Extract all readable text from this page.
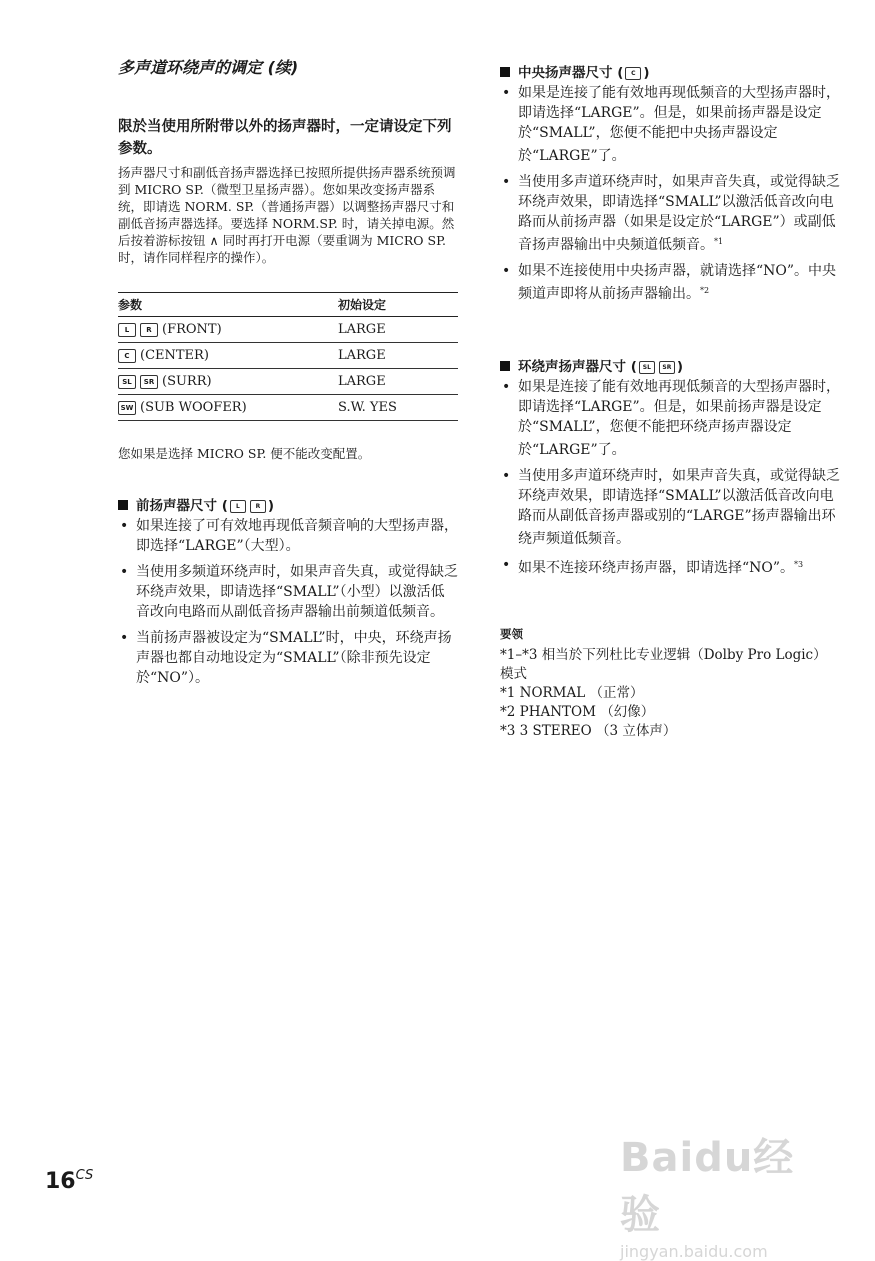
多声道环绕声的调定 (续)

限於当使用所附带以外的扬声器时，一定请设定下列参数。

扬声器尺寸和副低音扬声器选择已按照所提供扬声器系统预调到 MICRO SP.（微型卫星扬声器）。您如果改变扬声器系统，即请选 NORM. SP.（普通扬声器）以调整扬声器尺寸和副低音扬声器选择。要选择 NORM.SP. 时，请关掉电源。然后按着游标按钮 ∧ 同时再打开电源（要重调为 MICRO SP. 时，请作同样程序的操作）。

参数	初始设定
L R (FRONT)	LARGE
C (CENTER)	LARGE
SL SR (SURR)	LARGE
SW (SUB WOOFER)	S.W. YES

您如果是选择 MICRO SP. 便不能改变配置。

前扬声器尺寸 ( L	R )
• 如果连接了可有效地再现低音频音响的大型扬声器，即选择“LARGE”（大型）。
• 当使用多频道环绕声时，如果声音失真，或觉得缺乏环绕声效果，即请选择“SMALL”（小型）以激活低音改向电路而从副低音扬声器输出前频道低频音。
• 当前扬声器被设定为“SMALL”时，中央，环绕声扬声器也都自动地设定为“SMALL”（除非预先设定於“NO”）。
中央扬声器尺寸 ( C )
• 如果是连接了能有效地再现低频音的大型扬声器时，即请选择“LARGE”。但是，如果前扬声器是设定於“SMALL”，您便不能把中央扬声器设定於“LARGE”了。
• 当使用多声道环绕声时，如果声音失真，或觉得缺乏环绕声效果，即请选择“SMALL”以激活低音改向电路而从前扬声器（如果是设定於“LARGE”）或副低音扬声器输出中央频道低频音。$^{*1}$
• 如果不连接使用中央扬声器，就请选择“NO”。中央频道声即将从前扬声器输出。$^{*2}$
环绕声扬声器尺寸 ( SL SR )
• 如果是连接了能有效地再现低频音的大型扬声器时，即请选择“LARGE”。但是，如果前扬声器是设定於“SMALL”，您便不能把环绕声扬声器设定於“LARGE”了。
• 当使用多声道环绕声时，如果声音失真，或觉得缺乏环绕声效果，即请选择“SMALL”以激活低音改向电路而从副低音扬声器或别的“LARGE”扬声器输出环绕声频道低频音。
• 如果不连接环绕声扬声器，即请选择“NO”。$^{*3}$

要领

*1–*3 相当於下列杜比专业逻辑（Dolby Pro Logic）模式
*1 NORMAL （正常）
*2 PHANTOM （幻像）
*3 3 STEREO （3 立体声）
$16^{CS}$	Baidu经验
jingyan.baidu.com
